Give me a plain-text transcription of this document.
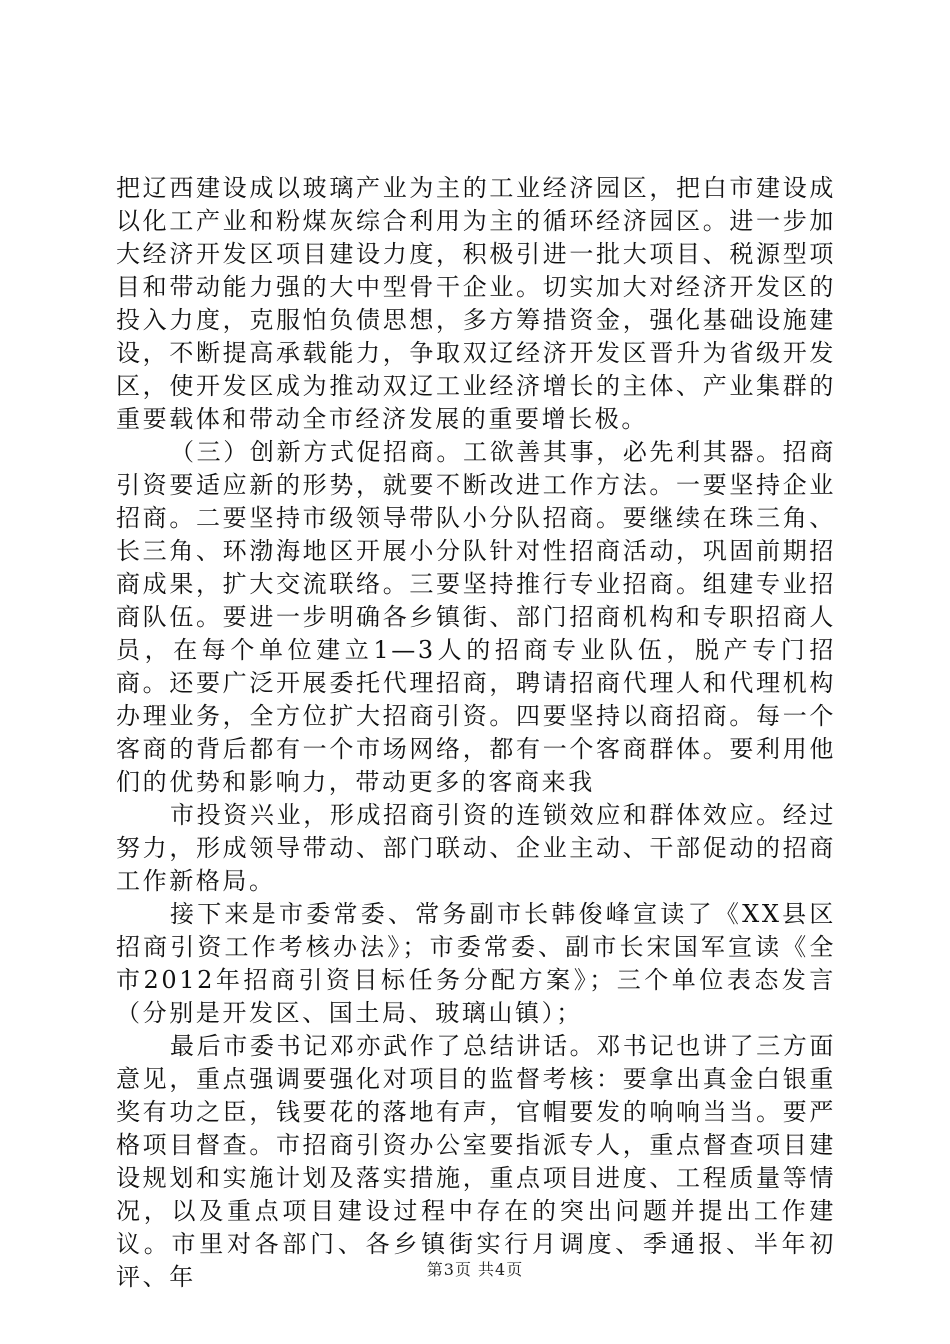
把辽西建设成以玻璃产业为主的工业经济园区，把白市建设成以化工产业和粉煤灰综合利用为主的循环经济园区。进一步加大经济开发区项目建设力度，积极引进一批大项目、税源型项目和带动能力强的大中型骨干企业。切实加大对经济开发区的投入力度，克服怕负债思想，多方筹措资金，强化基础设施建设，不断提高承载能力，争取双辽经济开发区晋升为省级开发区，使开发区成为推动双辽工业经济增长的主体、产业集群的重要载体和带动全市经济发展的重要增长极。

（三）创新方式促招商。工欲善其事，必先利其器。招商引资要适应新的形势，就要不断改进工作方法。一要坚持企业招商。二要坚持市级领导带队小分队招商。要继续在珠三角、长三角、环渤海地区开展小分队针对性招商活动，巩固前期招商成果，扩大交流联络。三要坚持推行专业招商。组建专业招商队伍。要进一步明确各乡镇街、部门招商机构和专职招商人员，在每个单位建立1—3人的招商专业队伍，脱产专门招商。还要广泛开展委托代理招商，聘请招商代理人和代理机构办理业务，全方位扩大招商引资。四要坚持以商招商。每一个客商的背后都有一个市场网络，都有一个客商群体。要利用他们的优势和影响力，带动更多的客商来我

市投资兴业，形成招商引资的连锁效应和群体效应。经过努力，形成领导带动、部门联动、企业主动、干部促动的招商工作新格局。

接下来是市委常委、常务副市长韩俊峰宣读了《XX县区招商引资工作考核办法》；市委常委、副市长宋国军宣读《全市2012年招商引资目标任务分配方案》；三个单位表态发言（分别是开发区、国土局、玻璃山镇）；

最后市委书记邓亦武作了总结讲话。邓书记也讲了三方面意见，重点强调要强化对项目的监督考核：要拿出真金白银重奖有功之臣，钱要花的落地有声，官帽要发的响响当当。要严格项目督查。市招商引资办公室要指派专人，重点督查项目建设规划和实施计划及落实措施，重点项目进度、工程质量等情况，以及重点项目建设过程中存在的突出问题并提出工作建议。市里对各部门、各乡镇街实行月调度、季通报、半年初评、年	第3页 共4页
